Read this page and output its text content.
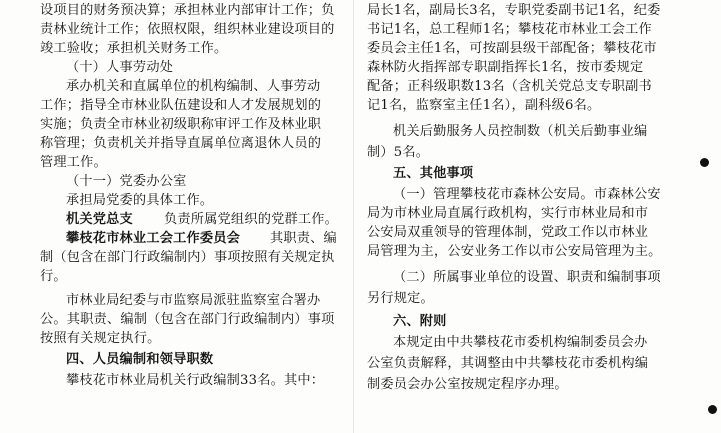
设项目的财务预决算；承担林业内部审计工作；负
责林业统计工作；依照权限，组织林业建设项目的
竣工验收；承担机关财务工作。
（十）人事劳动处
承办机关和直属单位的机构编制、人事劳动
工作；指导全市林业队伍建设和人才发展规划的
实施；负责全市林业初级职称审评工作及林业职
称管理；负责机关并指导直属单位离退休人员的
管理工作。
（十一）党委办公室
承担局党委的具体工作。
机关党总支 负责所属党组织的党群工作。
攀枝花市林业工会工作委员会 其职责、编
制（包含在部门行政编制内）事项按照有关规定执
行。
市林业局纪委与市监察局派驻监察室合署办
公。其职责、编制（包含在部门行政编制内）事项
按照有关规定执行。
四、人员编制和领导职数
攀枝花市林业局机关行政编制33名。其中：
局长1名，副局长3名，专职党委副书记1名，纪委
书记1名，总工程师1名；攀枝花市林业工会工作
委员会主任1名，可按副县级干部配备；攀枝花市
森林防火指挥部专职副指挥长1名，按市委规定
配备；正科级职数13名（含机关党总支专职副书
记1名，监察室主任1名），副科级6名。
机关后勤服务人员控制数（机关后勤事业编
制）5名。
五、其他事项
（一）管理攀枝花市森林公安局。市森林公安
局为市林业局直属行政机构，实行市林业局和市
公安局双重领导的管理体制，党政工作以市林业
局管理为主，公安业务工作以市公安局管理为主。
（二）所属事业单位的设置、职责和编制事项
另行规定。
六、附则
本规定由中共攀枝花市委机构编制委员会办
公室负责解释，其调整由中共攀枝花市委机构编
制委员会办公室按规定程序办理。
